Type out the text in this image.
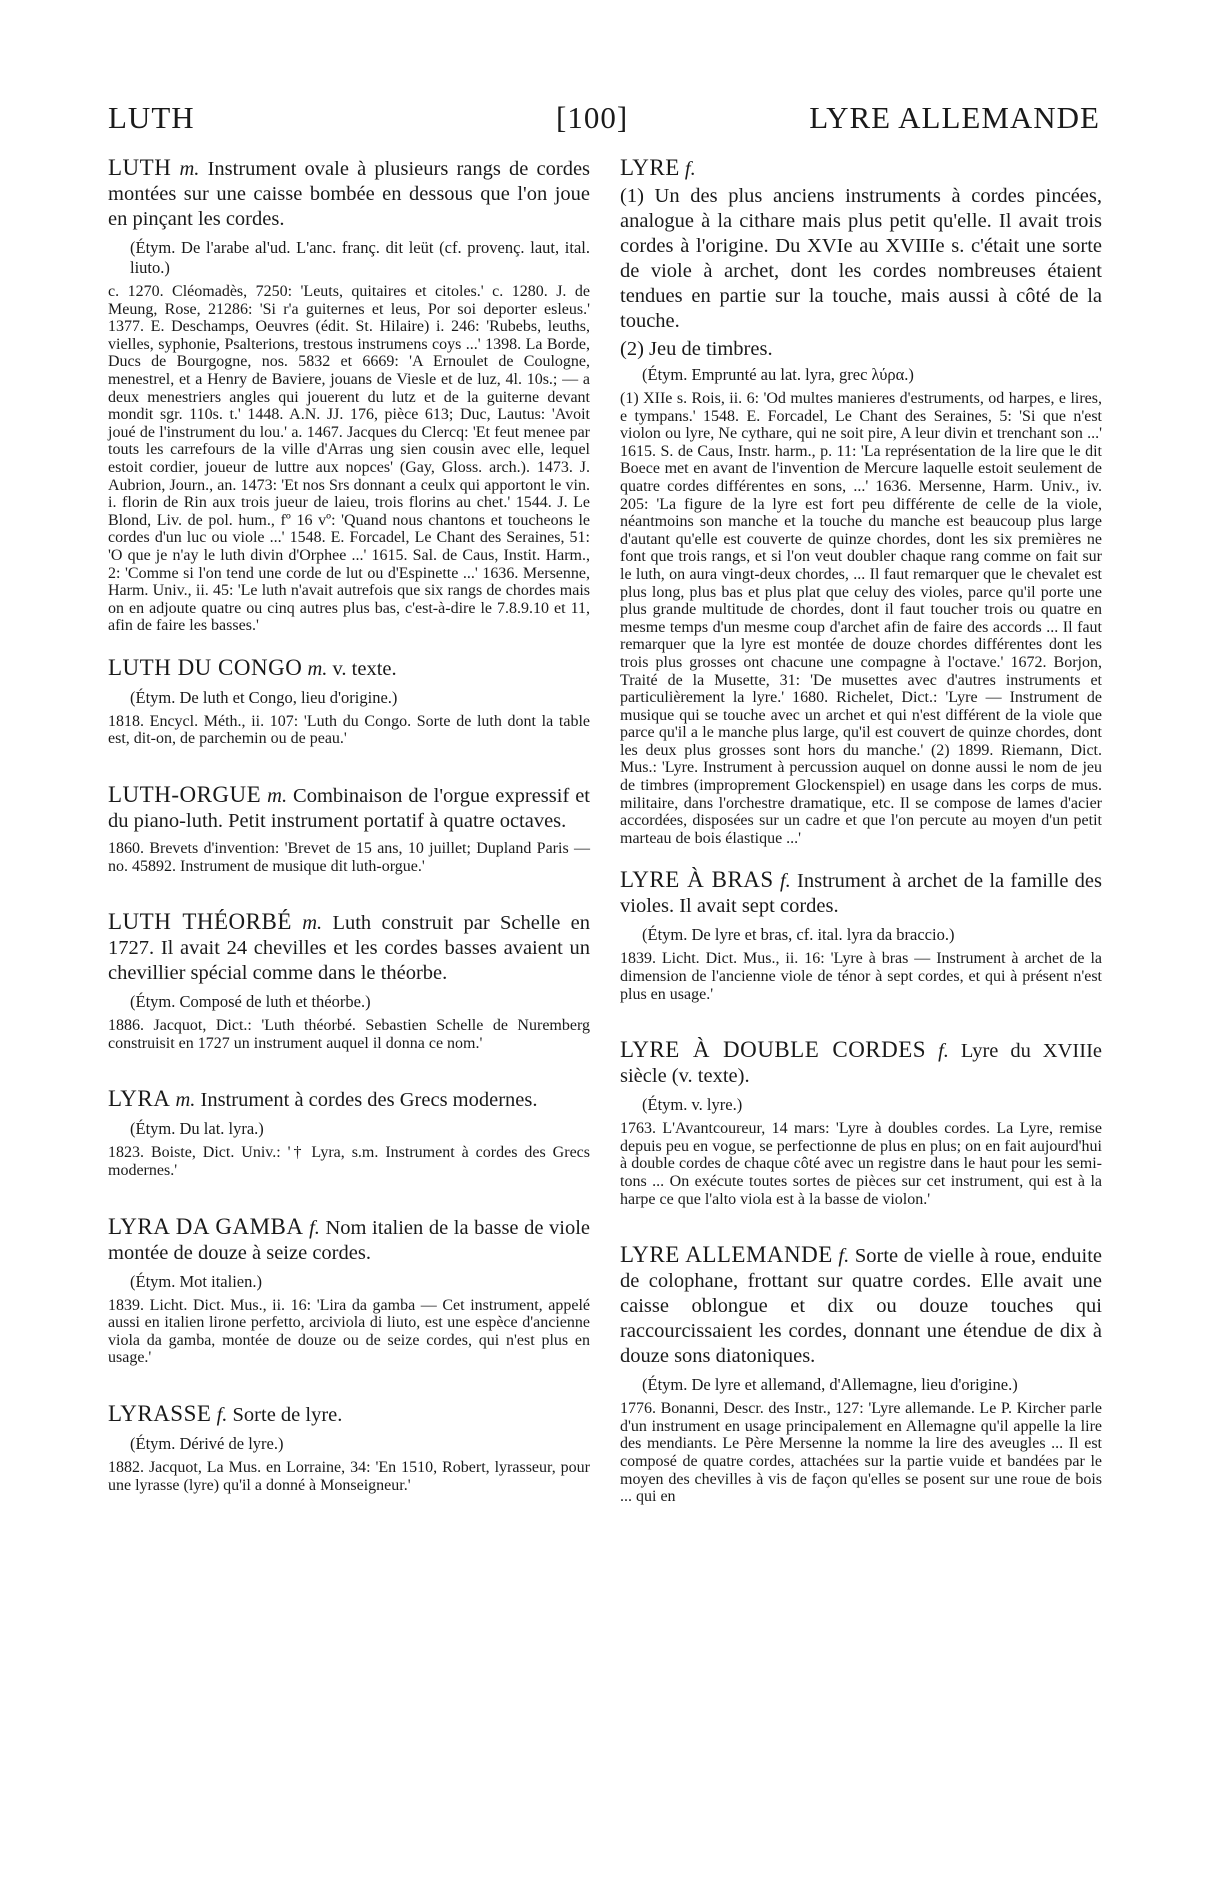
LUTH	[100]	LYRE ALLEMANDE

LUTH m. Instrument ovale à plusieurs rangs de cordes montées sur une caisse bombée en dessous que l'on joue en pinçant les cordes.

(Étym. De l'arabe al'ud. L'anc. franç. dit leüt (cf. provenç. laut, ital. liuto.)

c. 1270. Cléomadès, 7250: 'Leuts, quitaires et citoles.' c. 1280. J. de Meung, Rose, 21286: 'Si r'a guiternes et leus, Por soi deporter esleus.' 1377. E. Deschamps, Oeuvres (édit. St. Hilaire) i. 246: 'Rubebs, leuths, vielles, syphonie, Psalterions, trestous instrumens coys ...' 1398. La Borde, Ducs de Bourgogne, nos. 5832 et 6669: 'A Ernoulet de Coulogne, menestrel, et a Henry de Baviere, jouans de Viesle et de luz, 4l. 10s.; — a deux menestriers angles qui jouerent du lutz et de la guiterne devant mondit sgr. 110s. t.' 1448. A.N. JJ. 176, pièce 613; Duc, Lautus: 'Avoit joué de l'instrument du lou.' a. 1467. Jacques du Clercq: 'Et feut menee par touts les carrefours de la ville d'Arras ung sien cousin avec elle, lequel estoit cordier, joueur de luttre aux nopces' (Gay, Gloss. arch.). 1473. J. Aubrion, Journ., an. 1473: 'Et nos Srs donnant a ceulx qui apportont le vin. i. florin de Rin aux trois jueur de laieu, trois florins au chet.' 1544. J. Le Blond, Liv. de pol. hum., fº 16 vº: 'Quand nous chantons et toucheons le cordes d'un luc ou viole ...' 1548. E. Forcadel, Le Chant des Seraines, 51: 'O que je n'ay le luth divin d'Orphee ...' 1615. Sal. de Caus, Instit. Harm., 2: 'Comme si l'on tend une corde de lut ou d'Espinette ...' 1636. Mersenne, Harm. Univ., ii. 45: 'Le luth n'avait autrefois que six rangs de chordes mais on en adjoute quatre ou cinq autres plus bas, c'est-à-dire le 7.8.9.10 et 11, afin de faire les basses.'

LUTH DU CONGO m. v. texte.

(Étym. De luth et Congo, lieu d'origine.)

1818. Encycl. Méth., ii. 107: 'Luth du Congo. Sorte de luth dont la table est, dit-on, de parchemin ou de peau.'

LUTH-ORGUE m. Combinaison de l'orgue expressif et du piano-luth. Petit instrument portatif à quatre octaves.

1860. Brevets d'invention: 'Brevet de 15 ans, 10 juillet; Dupland Paris — no. 45892. Instrument de musique dit luth-orgue.'

LUTH THÉORBÉ m. Luth construit par Schelle en 1727. Il avait 24 chevilles et les cordes basses avaient un chevillier spécial comme dans le théorbe.

(Étym. Composé de luth et théorbe.)

1886. Jacquot, Dict.: 'Luth théorbé. Sebastien Schelle de Nuremberg construisit en 1727 un instrument auquel il donna ce nom.'

LYRA m. Instrument à cordes des Grecs modernes.

(Étym. Du lat. lyra.)

1823. Boiste, Dict. Univ.: '† Lyra, s.m. Instrument à cordes des Grecs modernes.'

LYRA DA GAMBA f. Nom italien de la basse de viole montée de douze à seize cordes.

(Étym. Mot italien.)

1839. Licht. Dict. Mus., ii. 16: 'Lira da gamba — Cet instrument, appelé aussi en italien lirone perfetto, arciviola di liuto, est une espèce d'ancienne viola da gamba, montée de douze ou de seize cordes, qui n'est plus en usage.'

LYRASSE f. Sorte de lyre.

(Étym. Dérivé de lyre.)

1882. Jacquot, La Mus. en Lorraine, 34: 'En 1510, Robert, lyrasseur, pour une lyrasse (lyre) qu'il a donné à Monseigneur.'

LYRE f.

(1) Un des plus anciens instruments à cordes pincées, analogue à la cithare mais plus petit qu'elle. Il avait trois cordes à l'origine. Du XVIe au XVIIIe s. c'était une sorte de viole à archet, dont les cordes nombreuses étaient tendues en partie sur la touche, mais aussi à côté de la touche.

(2) Jeu de timbres.

(Étym. Emprunté au lat. lyra, grec λύρα.)

(1) XIIe s. Rois, ii. 6: 'Od multes manieres d'estruments, od harpes, e lires, e tympans.' 1548. E. Forcadel, Le Chant des Seraines, 5: 'Si que n'est violon ou lyre, Ne cythare, qui ne soit pire, A leur divin et trenchant son ...' 1615. S. de Caus, Instr. harm., p. 11: 'La représentation de la lire que le dit Boece met en avant de l'invention de Mercure laquelle estoit seulement de quatre cordes différentes en sons, ...' 1636. Mersenne, Harm. Univ., iv. 205: 'La figure de la lyre est fort peu différente de celle de la viole, néantmoins son manche et la touche du manche est beaucoup plus large d'autant qu'elle est couverte de quinze chordes, dont les six premières ne font que trois rangs, et si l'on veut doubler chaque rang comme on fait sur le luth, on aura vingt-deux chordes, ... Il faut remarquer que le chevalet est plus long, plus bas et plus plat que celuy des violes, parce qu'il porte une plus grande multitude de chordes, dont il faut toucher trois ou quatre en mesme temps d'un mesme coup d'archet afin de faire des accords ... Il faut remarquer que la lyre est montée de douze chordes différentes dont les trois plus grosses ont chacune une compagne à l'octave.' 1672. Borjon, Traité de la Musette, 31: 'De musettes avec d'autres instruments et particulièrement la lyre.' 1680. Richelet, Dict.: 'Lyre — Instrument de musique qui se touche avec un archet et qui n'est différent de la viole que parce qu'il a le manche plus large, qu'il est couvert de quinze chordes, dont les deux plus grosses sont hors du manche.' (2) 1899. Riemann, Dict. Mus.: 'Lyre. Instrument à percussion auquel on donne aussi le nom de jeu de timbres (improprement Glockenspiel) en usage dans les corps de mus. militaire, dans l'orchestre dramatique, etc. Il se compose de lames d'acier accordées, disposées sur un cadre et que l'on percute au moyen d'un petit marteau de bois élastique ...'

LYRE À BRAS f. Instrument à archet de la famille des violes. Il avait sept cordes.

(Étym. De lyre et bras, cf. ital. lyra da braccio.)

1839. Licht. Dict. Mus., ii. 16: 'Lyre à bras — Instrument à archet de la dimension de l'ancienne viole de ténor à sept cordes, et qui à présent n'est plus en usage.'

LYRE À DOUBLE CORDES f. Lyre du XVIIIe siècle (v. texte).

(Étym. v. lyre.)

1763. L'Avantcoureur, 14 mars: 'Lyre à doubles cordes. La Lyre, remise depuis peu en vogue, se perfectionne de plus en plus; on en fait aujourd'hui à double cordes de chaque côté avec un registre dans le haut pour les semi-tons ... On exécute toutes sortes de pièces sur cet instrument, qui est à la harpe ce que l'alto viola est à la basse de violon.'

LYRE ALLEMANDE f. Sorte de vielle à roue, enduite de colophane, frottant sur quatre cordes. Elle avait une caisse oblongue et dix ou douze touches qui raccourcissaient les cordes, donnant une étendue de dix à douze sons diatoniques.

(Étym. De lyre et allemand, d'Allemagne, lieu d'origine.)

1776. Bonanni, Descr. des Instr., 127: 'Lyre allemande. Le P. Kircher parle d'un instrument en usage principalement en Allemagne qu'il appelle la lire des mendiants. Le Père Mersenne la nomme la lire des aveugles ... Il est composé de quatre cordes, attachées sur la partie vuide et bandées par le moyen des chevilles à vis de façon qu'elles se posent sur une roue de bois ... qui en
